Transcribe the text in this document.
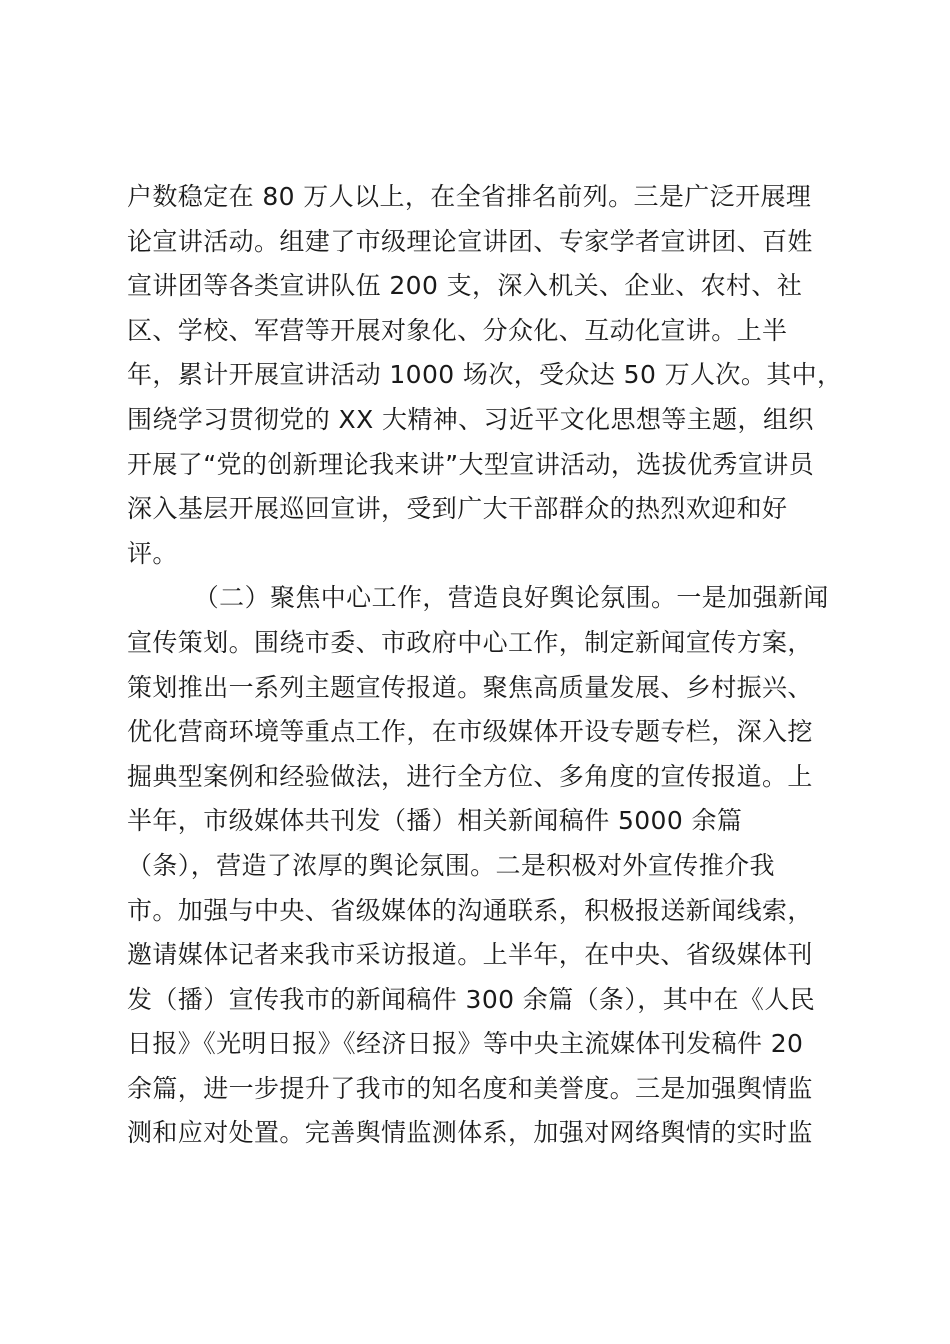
户数稳定在 80 万人以上，在全省排名前列。三是广泛开展理
论宣讲活动。组建了市级理论宣讲团、专家学者宣讲团、百姓
宣讲团等各类宣讲队伍 200 支，深入机关、企业、农村、社
区、学校、军营等开展对象化、分众化、互动化宣讲。上半
年，累计开展宣讲活动 1000 场次，受众达 50 万人次。其中，
围绕学习贯彻党的 XX 大精神、习近平文化思想等主题，组织
开展了“党的创新理论我来讲”大型宣讲活动，选拔优秀宣讲员
深入基层开展巡回宣讲，受到广大干部群众的热烈欢迎和好
评。
（二）聚焦中心工作，营造良好舆论氛围。一是加强新闻
宣传策划。围绕市委、市政府中心工作，制定新闻宣传方案，
策划推出一系列主题宣传报道。聚焦高质量发展、乡村振兴、
优化营商环境等重点工作，在市级媒体开设专题专栏，深入挖
掘典型案例和经验做法，进行全方位、多角度的宣传报道。上
半年，市级媒体共刊发（播）相关新闻稿件 5000 余篇
（条），营造了浓厚的舆论氛围。二是积极对外宣传推介我
市。加强与中央、省级媒体的沟通联系，积极报送新闻线索，
邀请媒体记者来我市采访报道。上半年，在中央、省级媒体刊
发（播）宣传我市的新闻稿件 300 余篇（条），其中在《人民
日报》《光明日报》《经济日报》等中央主流媒体刊发稿件 20
余篇，进一步提升了我市的知名度和美誉度。三是加强舆情监
测和应对处置。完善舆情监测体系，加强对网络舆情的实时监
